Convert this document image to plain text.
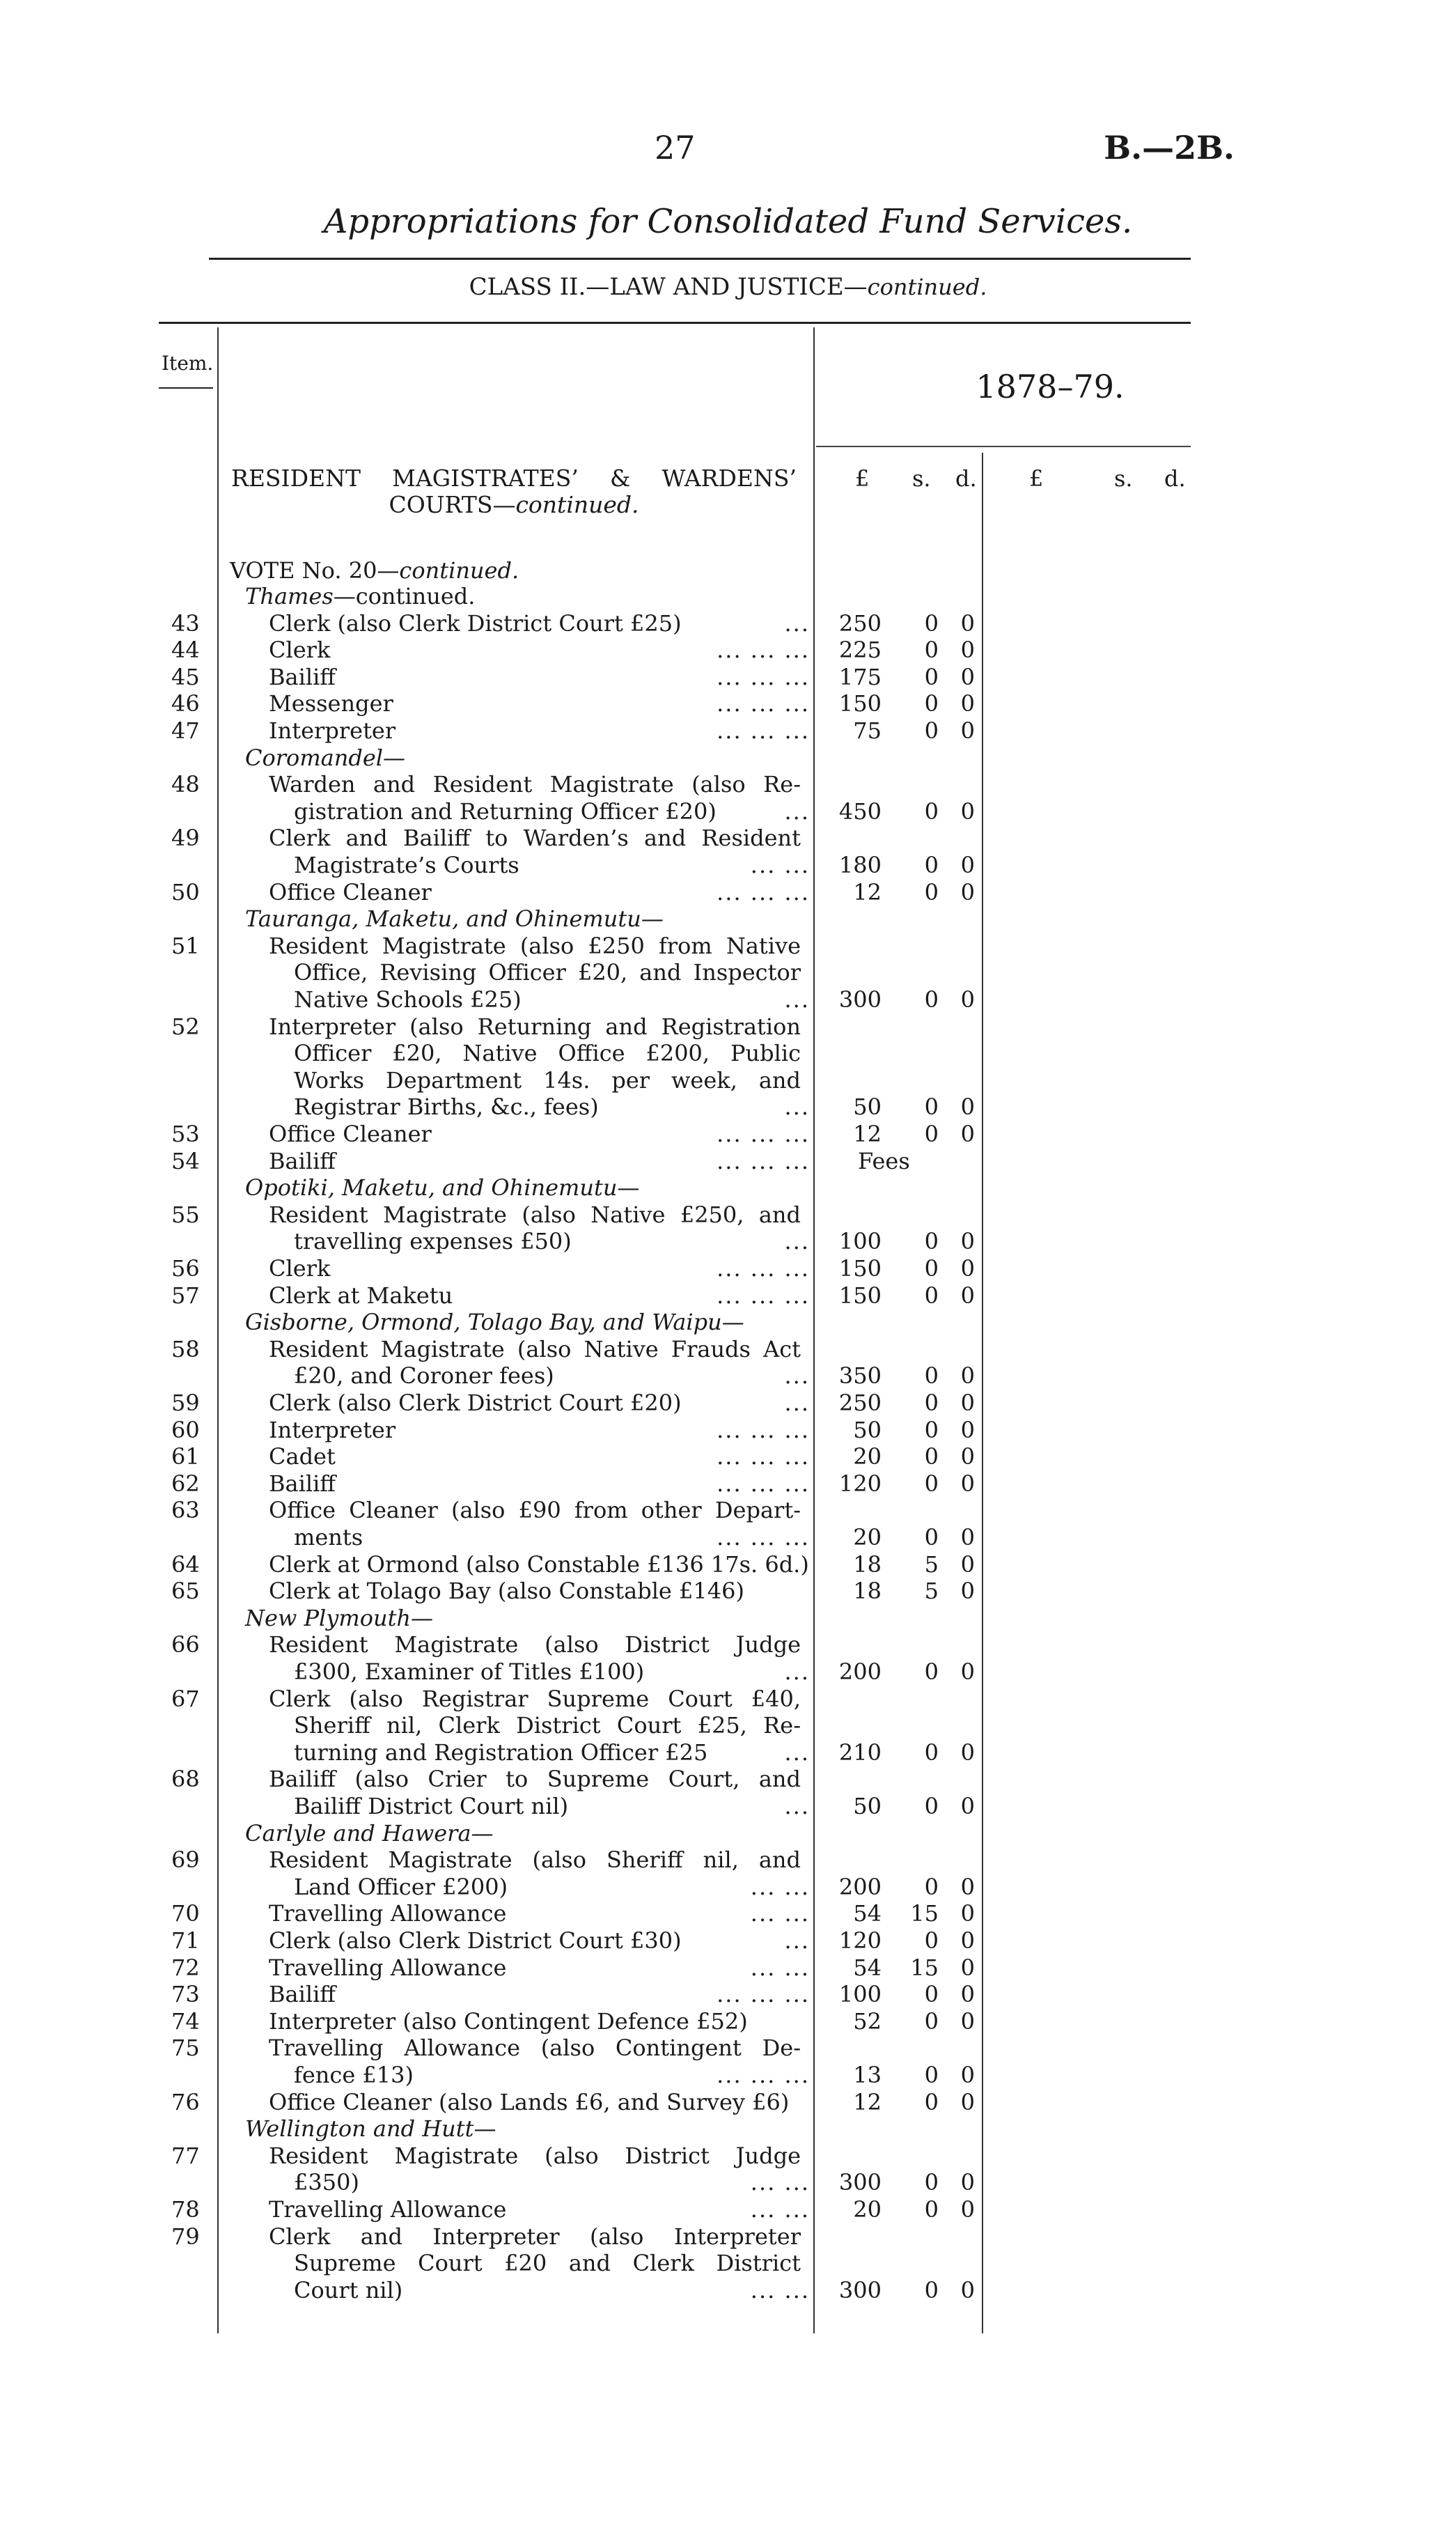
27	B.—2B.
Appropriations for Consolidated Fund Services.
CLASS II.—LAW AND JUSTICE—continued.
Item.
1878–79.
RESIDENT MAGISTRATES’ & WARDENS’
COURTS—continued.
£ s. d. £	s. d.
VOTE No. 20—continued.
Thames—continued.
43	Clerk (also Clerk District Court £25)	...	250	0 0
44	Clerk	... ... ...	225	0 0
45	Bailiff	... ... ...	175	0 0
46	Messenger	... ... ...	150	0 0
47	Interpreter	... ... ...	75	0 0
Coromandel—
48	Warden and Resident Magistrate (also Re-
gistration and Returning Officer £20)	...	450	0 0
49	Clerk and Bailiff to Warden’s and Resident
Magistrate’s Courts	... ...	180	0 0
50	Office Cleaner	... ... ...	12	0 0
Tauranga, Maketu, and Ohinemutu—
51	Resident Magistrate (also £250 from Native
Office, Revising Officer £20, and Inspector
Native Schools £25)	...	300	0 0
52	Interpreter (also Returning and Registration
Officer £20, Native Office £200, Public
Works Department 14s. per week, and
Registrar Births, &c., fees)	...	50	0 0
53	Office Cleaner	... ... ...	12	0 0
54	Bailiff	... ... ... Fees
Opotiki, Maketu, and Ohinemutu—
55	Resident Magistrate (also Native £250, and
travelling expenses £50)	...	100	0 0
56	Clerk	... ... ...	150	0 0
57	Clerk at Maketu	... ... ...	150	0 0
Gisborne, Ormond, Tolago Bay, and Waipu—
58	Resident Magistrate (also Native Frauds Act
£20, and Coroner fees)	...	350	0 0
59	Clerk (also Clerk District Court £20)	...	250	0 0
60	Interpreter	... ... ...	50	0 0
61	Cadet	... ... ...	20	0 0
62	Bailiff	... ... ...	120	0 0
63	Office Cleaner (also £90 from other Depart-
ments	... ... ...	20	0 0
64	Clerk at Ormond (also Constable £136 17s. 6d.)	18	5 0
65	Clerk at Tolago Bay (also Constable £146)	18	5 0
New Plymouth—
66	Resident Magistrate (also District Judge
£300, Examiner of Titles £100)	...	200	0 0
67	Clerk (also Registrar Supreme Court £40,
Sheriff nil, Clerk District Court £25, Re-
turning and Registration Officer £25	...	210	0 0
68	Bailiff (also Crier to Supreme Court, and
Bailiff District Court nil)	...	50	0 0
Carlyle and Hawera—
69	Resident Magistrate (also Sheriff nil, and
Land Officer £200)	... ...	200	0 0
70	Travelling Allowance	... ...	54 15 0
71	Clerk (also Clerk District Court £30)	...	120	0 0
72	Travelling Allowance	... ...	54 15 0
73	Bailiff	... ... ...	100	0 0
74	Interpreter (also Contingent Defence £52)	52	0 0
75	Travelling Allowance (also Contingent De-
fence £13)	... ... ...	13	0 0
76	Office Cleaner (also Lands £6, and Survey £6)	12	0 0
Wellington and Hutt—
77	Resident Magistrate (also District Judge
£350)	... ...	300	0 0
78	Travelling Allowance	... ...	20	0 0
79	Clerk and Interpreter (also Interpreter
Supreme Court £20 and Clerk District
Court nil)	... ...	300	0 0
